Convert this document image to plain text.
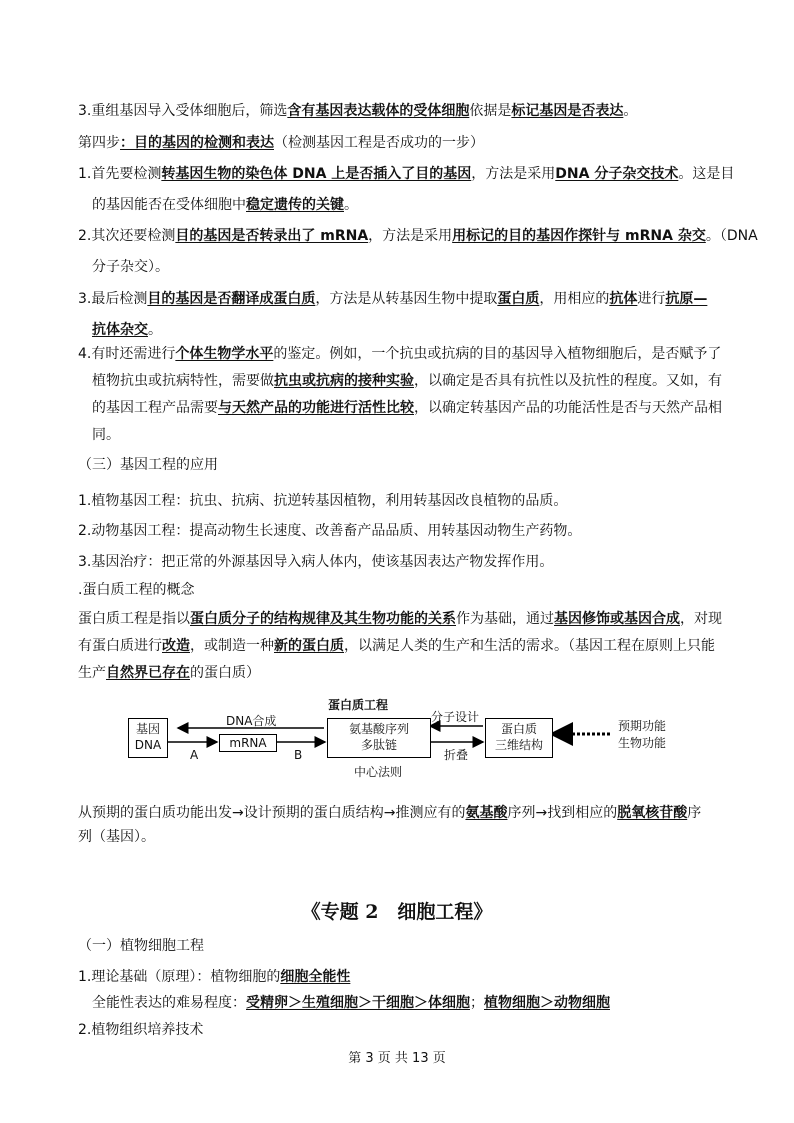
3.重组基因导入受体细胞后，筛选含有基因表达载体的受体细胞依据是标记基因是否表达。
第四步：目的基因的检测和表达（检测基因工程是否成功的一步）
1.首先要检测转基因生物的染色体 DNA 上是否插入了目的基因，方法是采用DNA 分子杂交技术。这是目
的基因能否在受体细胞中稳定遗传的关键。
2.其次还要检测目的基因是否转录出了 mRNA，方法是采用用标记的目的基因作探针与 mRNA 杂交。（DNA
分子杂交）。
3.最后检测目的基因是否翻译成蛋白质，方法是从转基因生物中提取蛋白质，用相应的抗体进行抗原—
抗体杂交。
4.有时还需进行个体生物学水平的鉴定。例如，一个抗虫或抗病的目的基因导入植物细胞后，是否赋予了
植物抗虫或抗病特性，需要做抗虫或抗病的接种实验，以确定是否具有抗性以及抗性的程度。又如，有
的基因工程产品需要与天然产品的功能进行活性比较，以确定转基因产品的功能活性是否与天然产品相
同。
（三）基因工程的应用
1.植物基因工程：抗虫、抗病、抗逆转基因植物，利用转基因改良植物的品质。
2.动物基因工程：提高动物生长速度、改善畜产品品质、用转基因动物生产药物。
3.基因治疗：把正常的外源基因导入病人体内，使该基因表达产物发挥作用。
.蛋白质工程的概念
蛋白质工程是指以蛋白质分子的结构规律及其生物功能的关系作为基础，通过基因修饰或基因合成，对现
有蛋白质进行改造，或制造一种新的蛋白质，以满足人类的生产和生活的需求。（基因工程在原则上只能
生产自然界已存在的蛋白质）
蛋白质工程
基因
DNA	mRNA
氨基酸序列
多肽链
蛋白质
三维结构
预期功能
生物功能
DNA合成
A	B
中心法则
分子设计
折叠
从预期的蛋白质功能出发→设计预期的蛋白质结构→推测应有的氨基酸序列→找到相应的脱氧核苷酸序
列（基因）。
《专题 2　细胞工程》
（一）植物细胞工程
1.理论基础（原理）：植物细胞的细胞全能性
全能性表达的难易程度：受精卵＞生殖细胞＞干细胞＞体细胞；植物细胞＞动物细胞
2.植物组织培养技术
第 3 页 共 13 页
